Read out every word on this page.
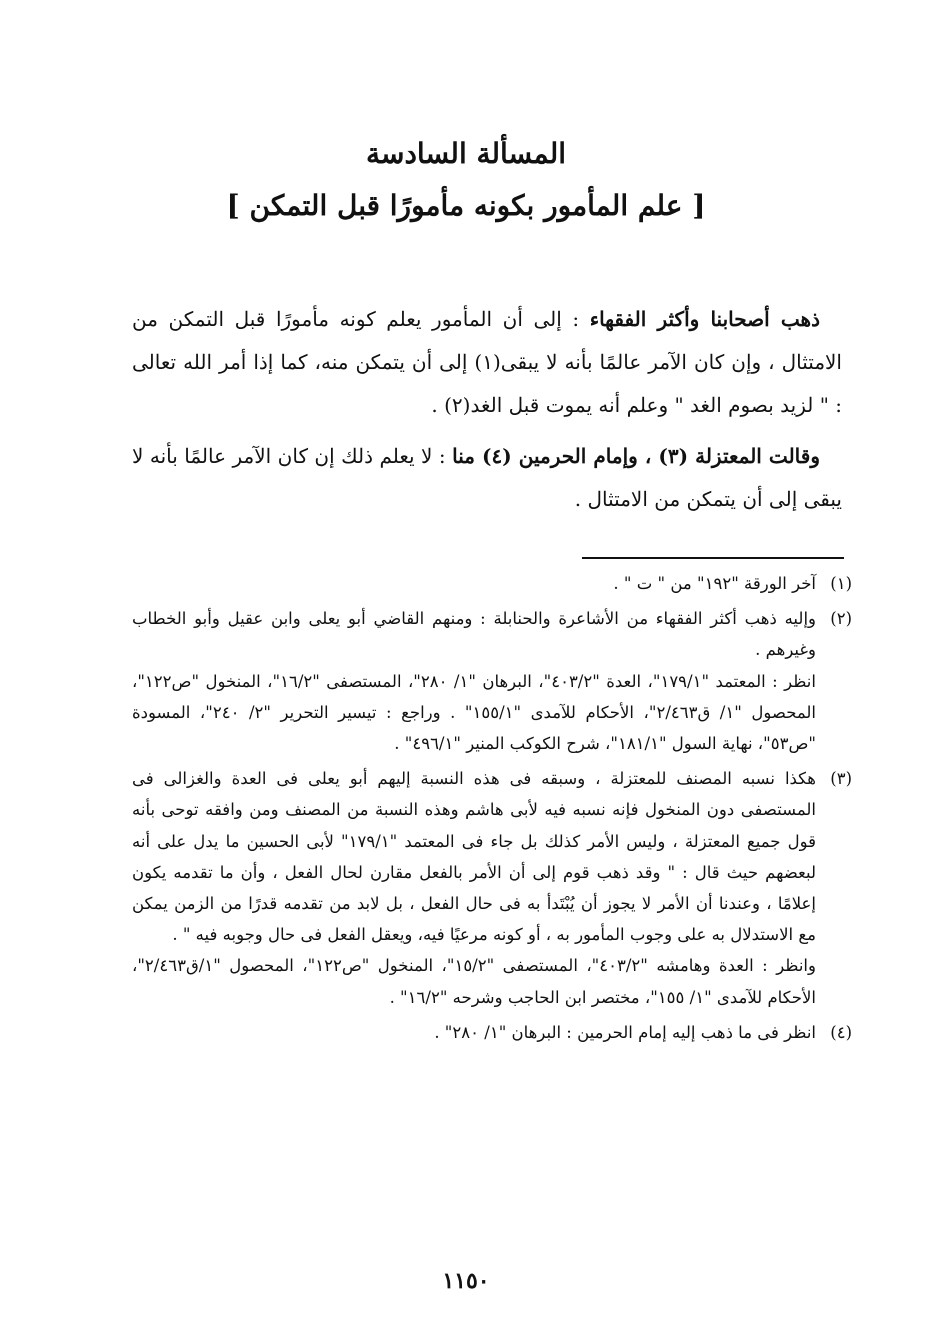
المسألة السادسة
[ علم المأمور بكونه مأمورًا قبل التمكن ]

ذهب أصحابنا وأكثر الفقهاء : إلى أن المأمور يعلم كونه مأمورًا قبل التمكن من الامتثال ، وإن كان الآمر عالمًا بأنه لا يبقى(١) إلى أن يتمكن منه، كما إذا أمر الله تعالى : " لزيد بصوم الغد " وعلم أنه يموت قبل الغد(٢) .

وقالت المعتزلة (٣) ، وإمام الحرمين (٤) منا : لا يعلم ذلك إن كان الآمر عالمًا بأنه لا يبقى إلى أن يتمكن من الامتثال .

(١)

آخر الورقة "١٩٢" من " ت " .

(٢)

وإليه ذهب أكثر الفقهاء من الأشاعرة والحنابلة : ومنهم القاضي أبو يعلى وابن عقيل وأبو الخطاب وغيرهم .

انظر : المعتمد "١٧٩/١"، العدة "٤٠٣/٢"، البرهان "١/ ٢٨٠"، المستصفى "١٦/٢"، المنخول "ص١٢٢"، المحصول "١/ ق٢/٤٦٣"، الأحكام للآمدى "١٥٥/١" . وراجع : تيسير التحرير "٢/ ٢٤٠"، المسودة "ص٥٣"، نهاية السول "١٨١/١"، شرح الكوكب المنير "٤٩٦/١" .

(٣)

هكذا نسبه المصنف للمعتزلة ، وسبقه فى هذه النسبة إليهم أبو يعلى فى العدة والغزالى فى المستصفى دون المنخول فإنه نسبه فيه لأبى هاشم وهذه النسبة من المصنف ومن وافقه توحى بأنه قول جميع المعتزلة ، وليس الأمر كذلك بل جاء فى المعتمد "١٧٩/١" لأبى الحسين ما يدل على أنه لبعضهم حيث قال : " وقد ذهب قوم إلى أن الأمر بالفعل مقارن لحال الفعل ، وأن ما تقدمه يكون إعلامًا ، وعندنا أن الأمر لا يجوز أن يُبْتَدأ به فى حال الفعل ، بل لابد من تقدمه قدرًا من الزمن يمكن مع الاستدلال به على وجوب المأمور به ، أو كونه مرعيًا فيه، ويعقل الفعل فى حال وجوبه فيه " .

وانظر : العدة وهامشه "٤٠٣/٢"، المستصفى "١٥/٢"، المنخول "ص١٢٢"، المحصول "١/ق٢/٤٦٣"، الأحكام للآمدى "١/ ١٥٥"، مختصر ابن الحاجب وشرحه "١٦/٢" .

(٤)

انظر فى ما ذهب إليه إمام الحرمين : البرهان "١/ ٢٨٠" .

١١٥٠
